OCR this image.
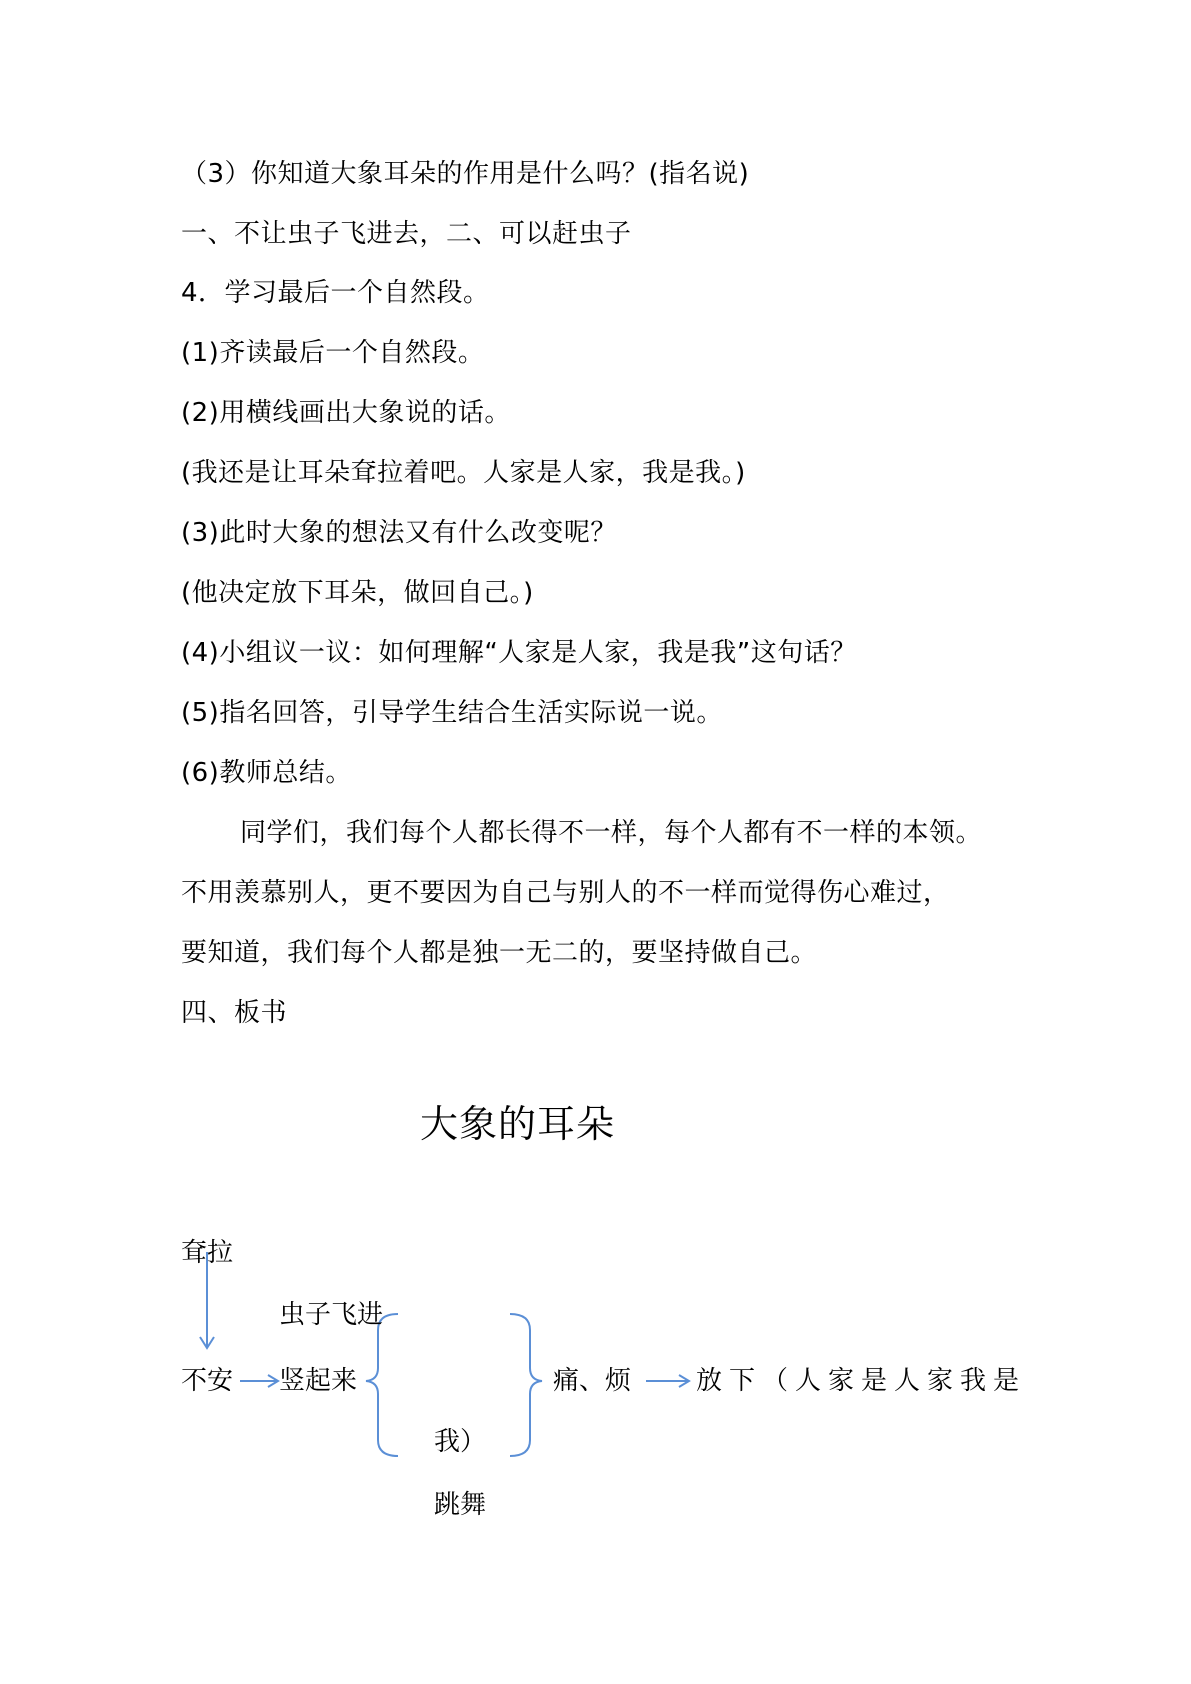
（3）你知道大象耳朵的作用是什么吗？(指名说)
一、不让虫子飞进去，二、可以赶虫子
4．学习最后一个自然段。
(1)齐读最后一个自然段。
(2)用横线画出大象说的话。
(我还是让耳朵耷拉着吧。人家是人家，我是我。)
(3)此时大象的想法又有什么改变呢？
(他决定放下耳朵，做回自己。)
(4)小组议一议：如何理解“人家是人家，我是我”这句话？
(5)指名回答，引导学生结合生活实际说一说。
(6)教师总结。
同学们，我们每个人都长得不一样，每个人都有不一样的本领。
不用羡慕别人，更不要因为自己与别人的不一样而觉得伤心难过，
要知道，我们每个人都是独一无二的，要坚持做自己。
四、板书
大象的耳朵
耷拉
虫子飞进
不安 竖起来	痛、烦 放下（人家是人家我是
我）
跳舞
